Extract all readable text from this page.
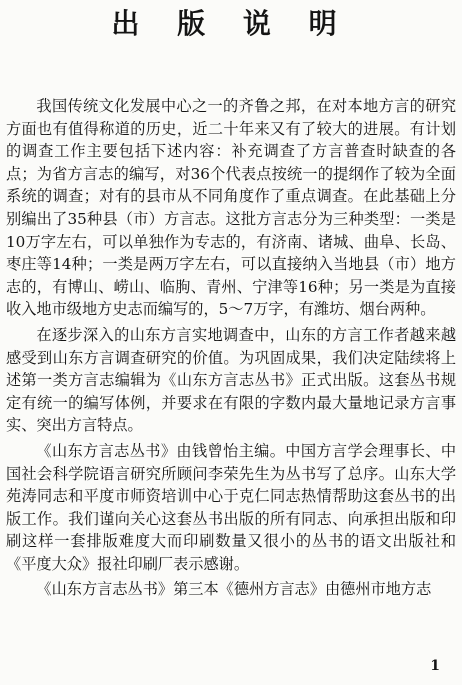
出 版 说 明

我国传统文化发展中心之一的齐鲁之邦，在对本地方言的研究方面也有值得称道的历史，近二十年来又有了较大的进展。有计划的调查工作主要包括下述内容：补充调查了方言普查时缺查的各点；为省方言志的编写，对36个代表点按统一的提纲作了较为全面系统的调查；对有的县市从不同角度作了重点调查。在此基础上分别编出了35种县（市）方言志。这批方言志分为三种类型：一类是10万字左右，可以单独作为专志的，有济南、诸城、曲阜、长岛、枣庄等14种；一类是两万字左右，可以直接纳入当地县（市）地方志的，有博山、崂山、临朐、青州、宁津等16种；另一类是为直接收入地市级地方史志而编写的，5～7万字，有潍坊、烟台两种。

在逐步深入的山东方言实地调查中，山东的方言工作者越来越感受到山东方言调查研究的价值。为巩固成果，我们决定陆续将上述第一类方言志编辑为《山东方言志丛书》正式出版。这套丛书规定有统一的编写体例，并要求在有限的字数内最大量地记录方言事实、突出方言特点。

《山东方言志丛书》由钱曾怡主编。中国方言学会理事长、中国社会科学院语言研究所顾问李荣先生为丛书写了总序。山东大学苑涛同志和平度市师资培训中心于克仁同志热情帮助这套丛书的出版工作。我们谨向关心这套丛书出版的所有同志、向承担出版和印刷这样一套排版难度大而印刷数量又很小的丛书的语文出版社和《平度大众》报社印刷厂表示感谢。

《山东方言志丛书》第三本《德州方言志》由德州市地方志

1
